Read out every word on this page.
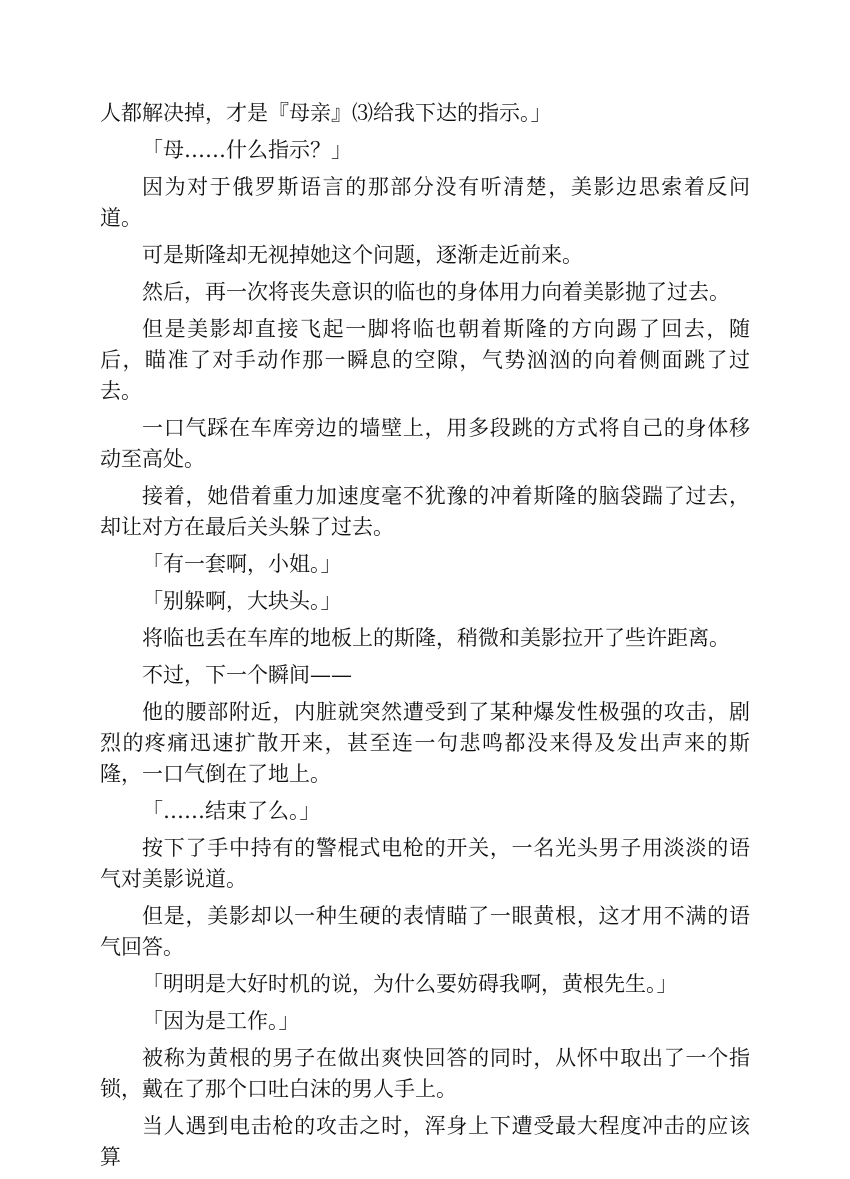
人都解决掉，才是『母亲』⑶给我下达的指示。」

「母……什么指示？」

因为对于俄罗斯语言的那部分没有听清楚，美影边思索着反问道。

可是斯隆却无视掉她这个问题，逐渐走近前来。

然后，再一次将丧失意识的临也的身体用力向着美影抛了过去。

但是美影却直接飞起一脚将临也朝着斯隆的方向踢了回去，随后，瞄准了对手动作那一瞬息的空隙，气势汹汹的向着侧面跳了过去。

一口气踩在车库旁边的墙壁上，用多段跳的方式将自己的身体移动至高处。

接着，她借着重力加速度毫不犹豫的冲着斯隆的脑袋踹了过去，却让对方在最后关头躲了过去。

「有一套啊，小姐。」

「别躲啊，大块头。」

将临也丢在车库的地板上的斯隆，稍微和美影拉开了些许距离。

不过，下一个瞬间——

他的腰部附近，内脏就突然遭受到了某种爆发性极强的攻击，剧烈的疼痛迅速扩散开来，甚至连一句悲鸣都没来得及发出声来的斯隆，一口气倒在了地上。

「……结束了么。」

按下了手中持有的警棍式电枪的开关，一名光头男子用淡淡的语气对美影说道。

但是，美影却以一种生硬的表情瞄了一眼黄根，这才用不满的语气回答。

「明明是大好时机的说，为什么要妨碍我啊，黄根先生。」

「因为是工作。」

被称为黄根的男子在做出爽快回答的同时，从怀中取出了一个指锁，戴在了那个口吐白沫的男人手上。

当人遇到电击枪的攻击之时，浑身上下遭受最大程度冲击的应该算
